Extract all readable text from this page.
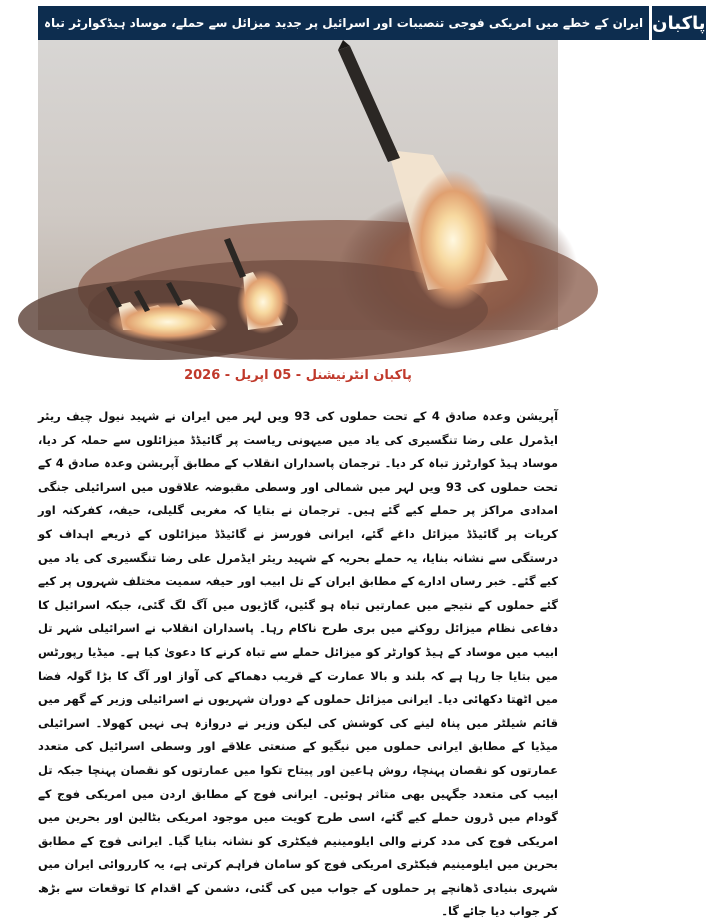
ایران کے خطے میں امریکی فوجی تنصیبات اور اسرائیل پر جدید میزائل سے حملے، موساد ہیڈکوارٹر تباہ پاکبان
پاکبان انٹرنیشنل - 05 اپریل - 2026
آپریشن وعدہ صادق 4 کے تحت حملوں کی 93 ویں لہر میں ایران نے شہید نیول چیف ریئر ایڈمرل علی رضا تنگسیری کی یاد میں صیہونی ریاست پر گائیڈڈ میزائلوں سے حملہ کر دیا، موساد ہیڈ کوارٹرز تباہ کر دیا۔ ترجمان پاسداران انقلاب کے مطابق آپریشن وعدہ صادق 4 کے تحت حملوں کی 93 ویں لہر میں شمالی اور وسطی مقبوضہ علاقوں میں اسرائیلی جنگی امدادی مراکز پر حملے کیے گئے ہیں۔ ترجمان نے بتایا کہ مغربی گلیلی، حیفہ، کفرکنہ اور کریات پر گائیڈڈ میزائل داغے گئے، ایرانی فورسز نے گائیڈڈ میزائلوں کے ذریعے اہداف کو درستگی سے نشانہ بنایا، یہ حملے بحریہ کے شہید ریئر ایڈمرل علی رضا تنگسیری کی یاد میں کیے گئے۔ خبر رساں ادارے کے مطابق ایران کے تل ابیب اور حیفہ سمیت مختلف شہروں پر کیے گئے حملوں کے نتیجے میں عمارتیں تباہ ہو گئیں، گاڑیوں میں آگ لگ گئی، جبکہ اسرائیل کا دفاعی نظام میزائل روکنے میں بری طرح ناکام رہا۔ پاسداران انقلاب نے اسرائیلی شہر تل ابیب میں موساد کے ہیڈ کوارٹر کو میزائل حملے سے تباہ کرنے کا دعویٰ کیا ہے۔ میڈیا رپورٹس میں بتایا جا رہا ہے کہ بلند و بالا عمارت کے قریب دھماکے کی آواز اور آگ کا بڑا گولہ فضا میں اٹھتا دکھائی دیا۔ ایرانی میزائل حملوں کے دوران شہریوں نے اسرائیلی وزیر کے گھر میں قائم شیلٹر میں پناہ لینے کی کوشش کی لیکن وزیر نے دروازہ ہی نہیں کھولا۔ اسرائیلی میڈیا کے مطابق ایرانی حملوں میں نیگیو کے صنعتی علاقے اور وسطی اسرائیل کی متعدد عمارتوں کو نقصان پہنچا، روش ہاعین اور پیتاح تکوا میں عمارتوں کو نقصان پہنچا جبکہ تل ابیب کی متعدد جگہیں بھی متاثر ہوئیں۔ ایرانی فوج کے مطابق اردن میں امریکی فوج کے گودام میں ڈرون حملے کیے گئے، اسی طرح کویت میں موجود امریکی بٹالین اور بحرین میں امریکی فوج کی مدد کرنے والی ایلومینیم فیکٹری کو نشانہ بنایا گیا۔ ایرانی فوج کے مطابق بحرین میں ایلومینیم فیکٹری امریکی فوج کو سامان فراہم کرتی ہے، یہ کارروائی ایران میں شہری بنیادی ڈھانچے پر حملوں کے جواب میں کی گئی، دشمن کے اقدام کا توقعات سے بڑھ کر جواب دیا جائے گا۔
